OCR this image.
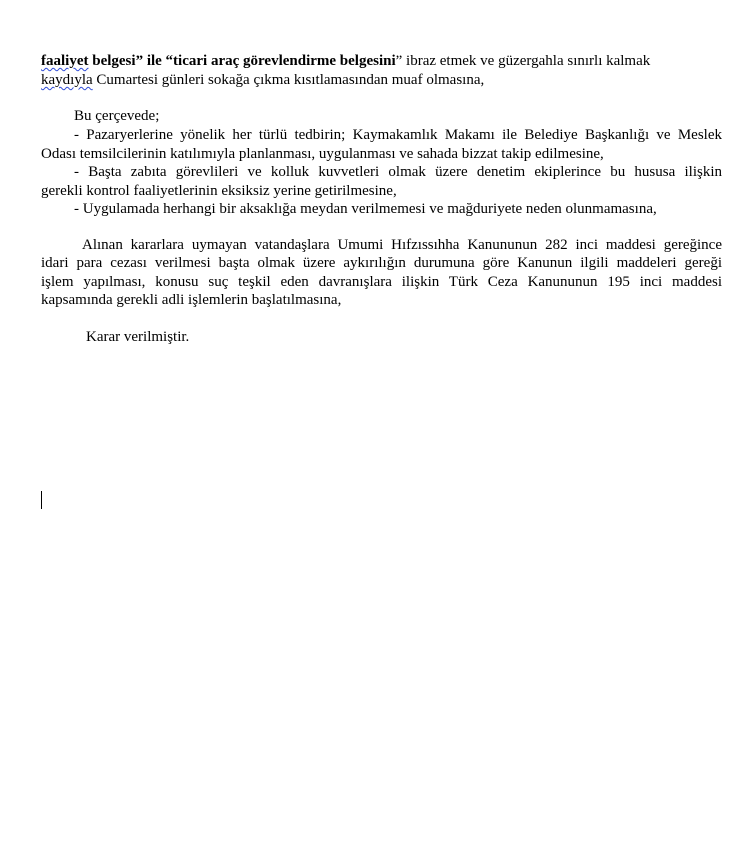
faaliyet belgesi” ile “ticari araç görevlendirme belgesini” ibraz etmek ve güzergahla sınırlı kalmak
kaydıyla Cumartesi günleri sokağa çıkma kısıtlamasından muaf olmasına,
Bu çerçevede;
- Pazaryerlerine yönelik her türlü tedbirin; Kaymakamlık Makamı ile Belediye Başkanlığı ve Meslek
Odası temsilcilerinin katılımıyla planlanması, uygulanması ve sahada bizzat takip edilmesine,
- Başta zabıta görevlileri ve kolluk kuvvetleri olmak üzere denetim ekiplerince bu hususa ilişkin
gerekli kontrol faaliyetlerinin eksiksiz yerine getirilmesine,
- Uygulamada herhangi bir aksaklığa meydan verilmemesi ve mağduriyete neden olunmamasına,
Alınan kararlara uymayan vatandaşlara Umumi Hıfzıssıhha Kanununun 282 inci maddesi gereğince
idari para cezası verilmesi başta olmak üzere aykırılığın durumuna göre Kanunun ilgili maddeleri gereği
işlem yapılması, konusu suç teşkil eden davranışlara ilişkin Türk Ceza Kanununun 195 inci maddesi
kapsamında gerekli adli işlemlerin başlatılmasına,
Karar verilmiştir.
